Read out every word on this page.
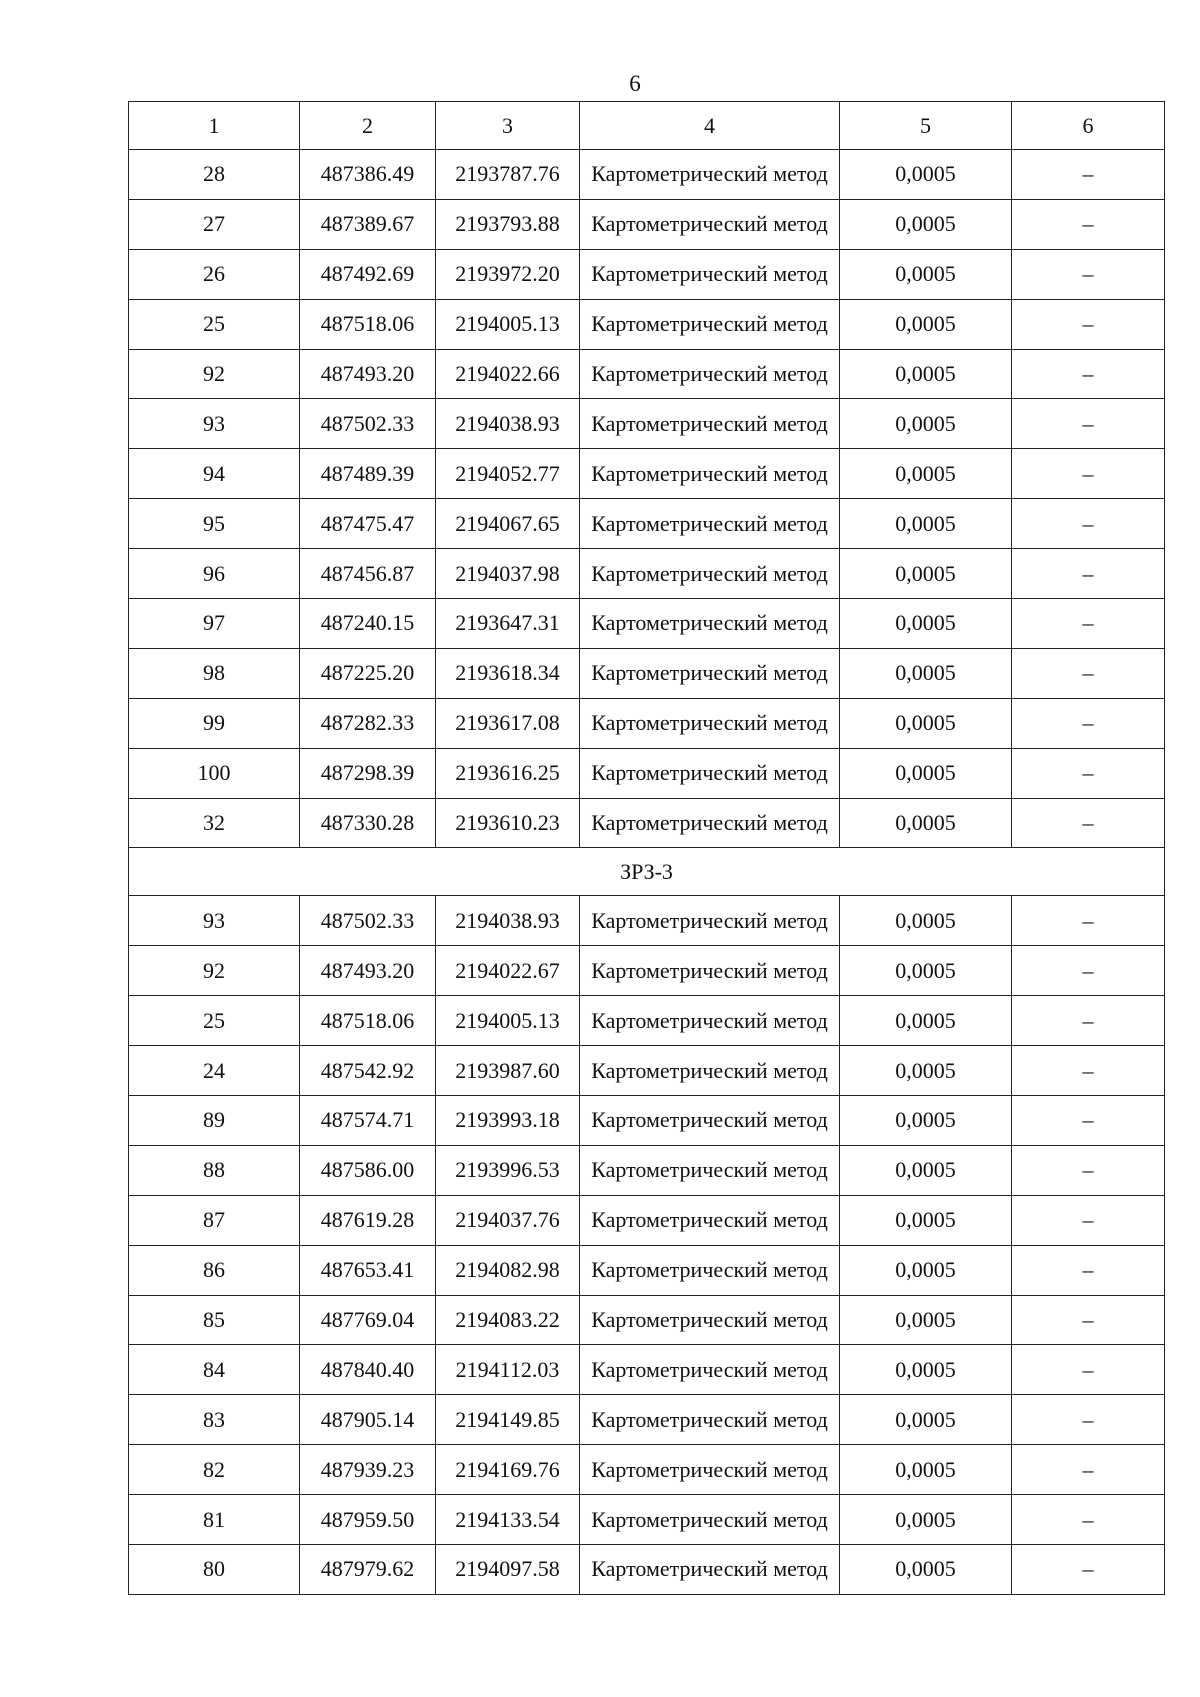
6
1	2	3	4	5	6
28	487386.49	2193787.76	Картометрический метод	0,0005	–
27	487389.67	2193793.88	Картометрический метод	0,0005	–
26	487492.69	2193972.20	Картометрический метод	0,0005	–
25	487518.06	2194005.13	Картометрический метод	0,0005	–
92	487493.20	2194022.66	Картометрический метод	0,0005	–
93	487502.33	2194038.93	Картометрический метод	0,0005	–
94	487489.39	2194052.77	Картометрический метод	0,0005	–
95	487475.47	2194067.65	Картометрический метод	0,0005	–
96	487456.87	2194037.98	Картометрический метод	0,0005	–
97	487240.15	2193647.31	Картометрический метод	0,0005	–
98	487225.20	2193618.34	Картометрический метод	0,0005	–
99	487282.33	2193617.08	Картометрический метод	0,0005	–
100	487298.39	2193616.25	Картометрический метод	0,0005	–
32	487330.28	2193610.23	Картометрический метод	0,0005	–
ЗРЗ-3					
93	487502.33	2194038.93	Картометрический метод	0,0005	–
92	487493.20	2194022.67	Картометрический метод	0,0005	–
25	487518.06	2194005.13	Картометрический метод	0,0005	–
24	487542.92	2193987.60	Картометрический метод	0,0005	–
89	487574.71	2193993.18	Картометрический метод	0,0005	–
88	487586.00	2193996.53	Картометрический метод	0,0005	–
87	487619.28	2194037.76	Картометрический метод	0,0005	–
86	487653.41	2194082.98	Картометрический метод	0,0005	–
85	487769.04	2194083.22	Картометрический метод	0,0005	–
84	487840.40	2194112.03	Картометрический метод	0,0005	–
83	487905.14	2194149.85	Картометрический метод	0,0005	–
82	487939.23	2194169.76	Картометрический метод	0,0005	–
81	487959.50	2194133.54	Картометрический метод	0,0005	–
80	487979.62	2194097.58	Картометрический метод	0,0005	–
